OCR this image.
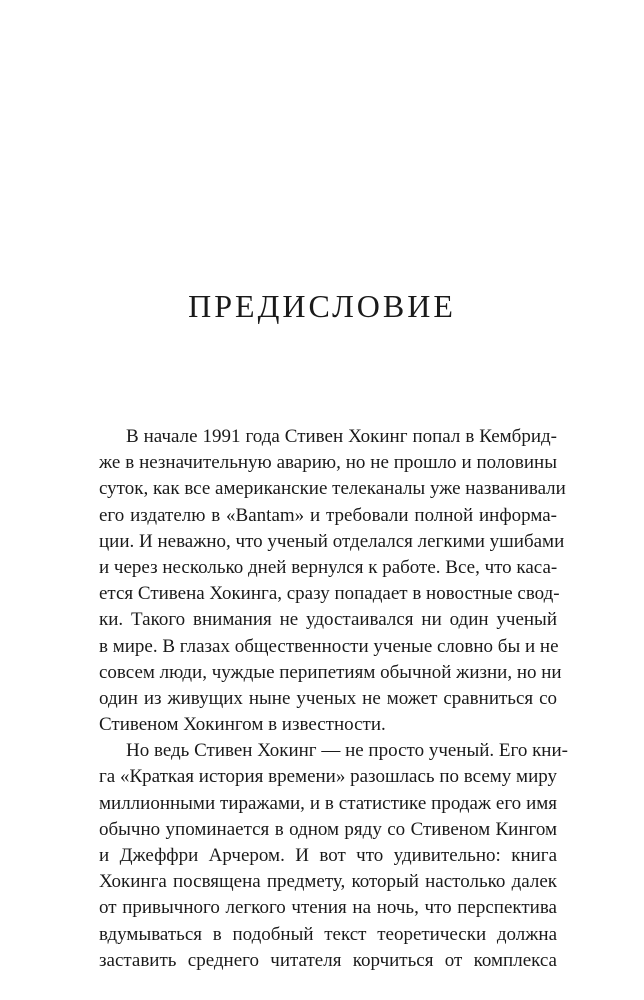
ПРЕДИСЛОВИЕ
В начале 1991 года Стивен Хокинг попал в Кембрид-
же в незначительную аварию, но не прошло и половины
суток, как все американские телеканалы уже названивали
его издателю в «Bantam» и требовали полной информа-
ции. И неважно, что ученый отделался легкими ушибами
и через несколько дней вернулся к работе. Все, что каса-
ется Стивена Хокинга, сразу попадает в новостные свод-
ки. Такого внимания не удостаивался ни один ученый
в мире. В глазах общественности ученые словно бы и не
совсем люди, чуждые перипетиям обычной жизни, но ни
один из живущих ныне ученых не может сравниться со
Стивеном Хокингом в известности.
Но ведь Стивен Хокинг — не просто ученый. Его кни-
га «Краткая история времени» разошлась по всему миру
миллионными тиражами, и в статистике продаж его имя
обычно упоминается в одном ряду со Стивеном Кингом
и Джеффри Арчером. И вот что удивительно: книга
Хокинга посвящена предмету, который настолько далек
от привычного легкого чтения на ночь, что перспектива
вдумываться в подобный текст теоретически должна
заставить среднего читателя корчиться от комплекса
